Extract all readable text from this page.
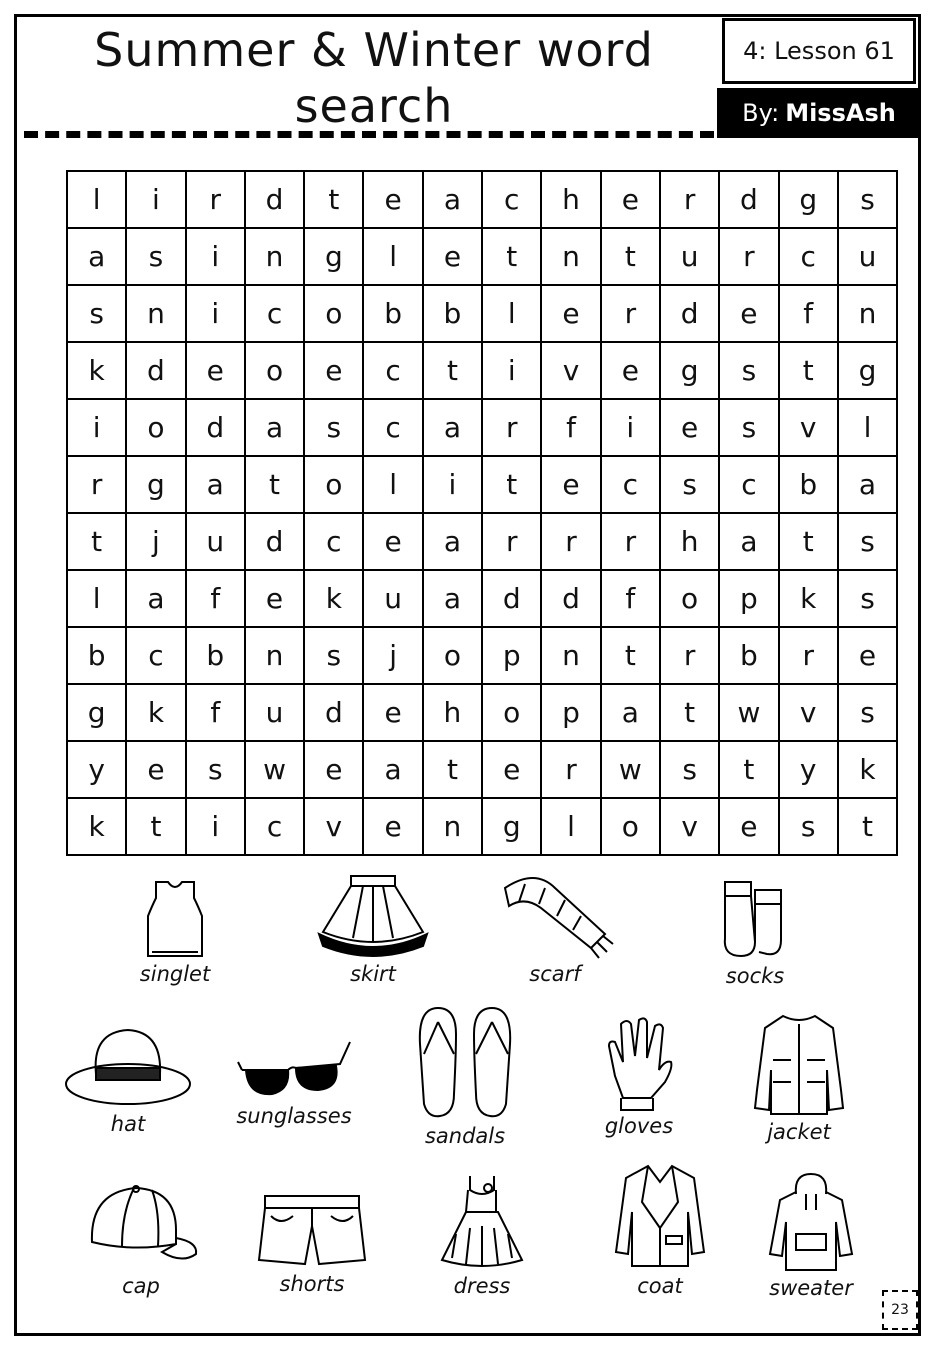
Summer & Winter word
search
4: Lesson 61
By: MissAsh
l	i	r	d	t	e	a	c	h	e	r	d	g	s
a	s	i	n	g	l	e	t	n	t	u	r	c	u
s	n	i	c	o	b	b	l	e	r	d	e	f	n
k	d	e	o	e	c	t	i	v	e	g	s	t	g
i	o	d	a	s	c	a	r	f	i	e	s	v	l
r	g	a	t	o	l	i	t	e	c	s	c	b	a
t	j	u	d	c	e	a	r	r	r	h	a	t	s
l	a	f	e	k	u	a	d	d	f	o	p	k	s
b	c	b	n	s	j	o	p	n	t	r	b	r	e
g	k	f	u	d	e	h	o	p	a	t	w	v	s
y	e	s	w	e	a	t	e	r	w	s	t	y	k
k	t	i	c	v	e	n	g	l	o	v	e	s	t
singlet	skirt	scarf	socks
hat	sunglasses
sandals	gloves	jacket
cap	shorts	dress	coat	sweater
23
